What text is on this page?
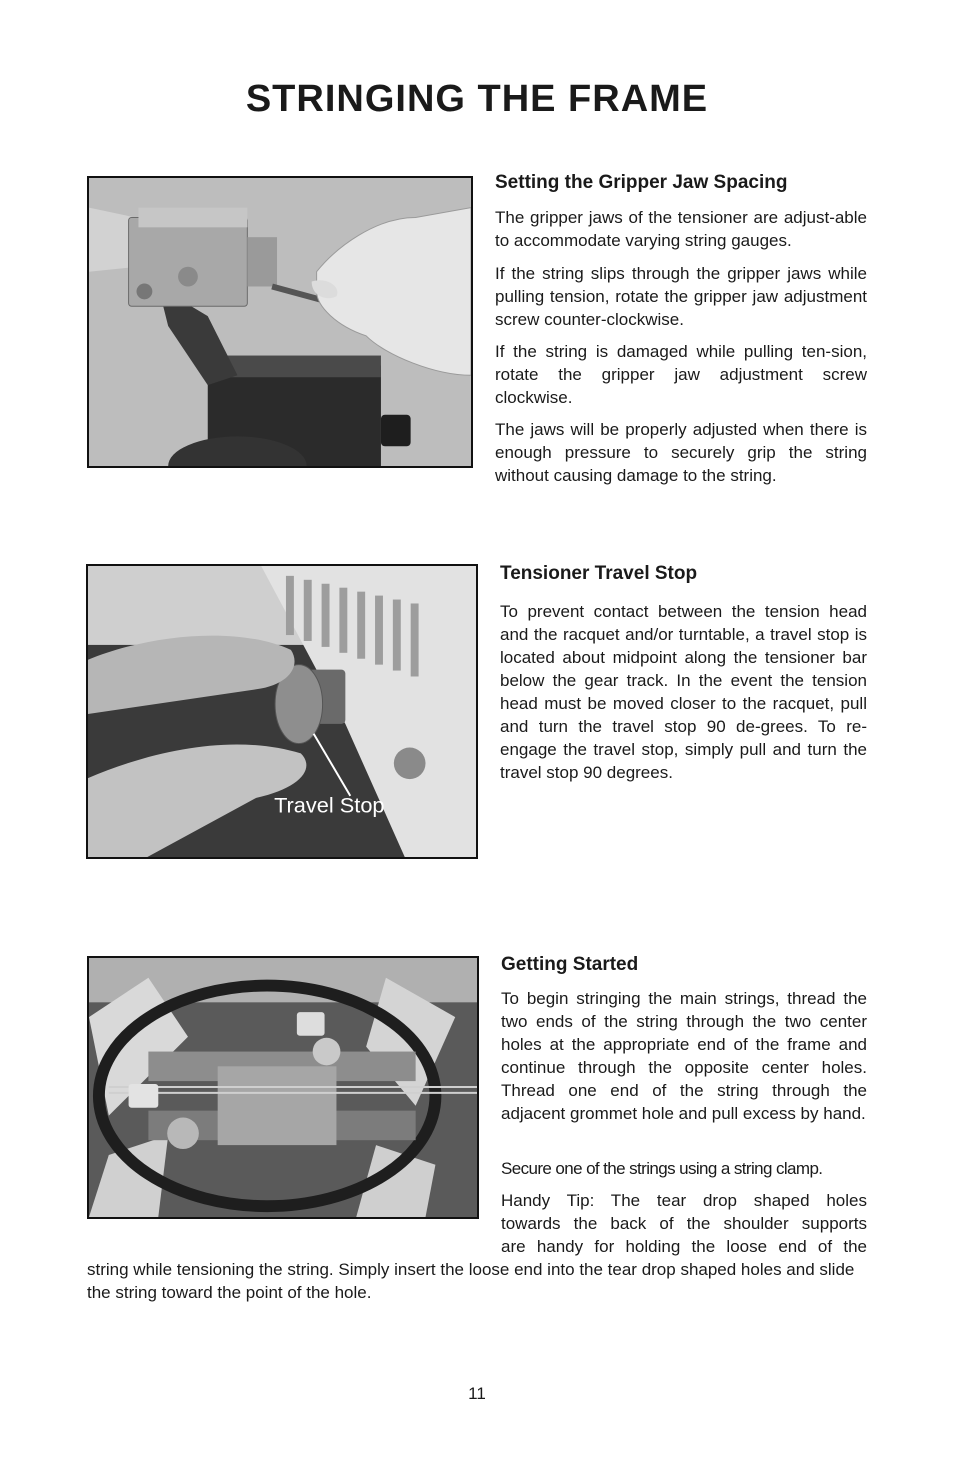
STRINGING THE FRAME
Setting the Gripper Jaw Spacing

The gripper jaws of the tensioner are adjust-able to accommodate varying string gauges.

If the string slips through the gripper jaws while pulling tension, rotate the gripper jaw adjustment screw counter-clockwise.

If the string is damaged while pulling ten-sion, rotate the gripper jaw adjustment screw clockwise.

The jaws will be properly adjusted when there is enough pressure to securely grip the string without causing damage to the string.

Travel Stop
Tensioner Travel Stop

To prevent contact between the tension head and the racquet and/or turntable, a travel stop is located about midpoint along the tensioner bar below the gear track. In the event the tension head must be moved closer to the racquet, pull and turn the travel stop 90 de-grees. To re-engage the travel stop, simply pull and turn the travel stop 90 degrees.

Getting Started

To begin stringing the main strings, thread the two ends of the string through the two center holes at the appropriate end of the frame and continue through the opposite center holes. Thread one end of the string through the adjacent grommet hole and pull excess by hand.

Secure one of the strings using a string clamp.

Handy Tip: The tear drop shaped holes

towards the back of the shoulder supports

are handy for holding the loose end of the

string while tensioning the string. Simply insert the loose end into the tear drop shaped holes and slide the string toward the point of the hole.

11
